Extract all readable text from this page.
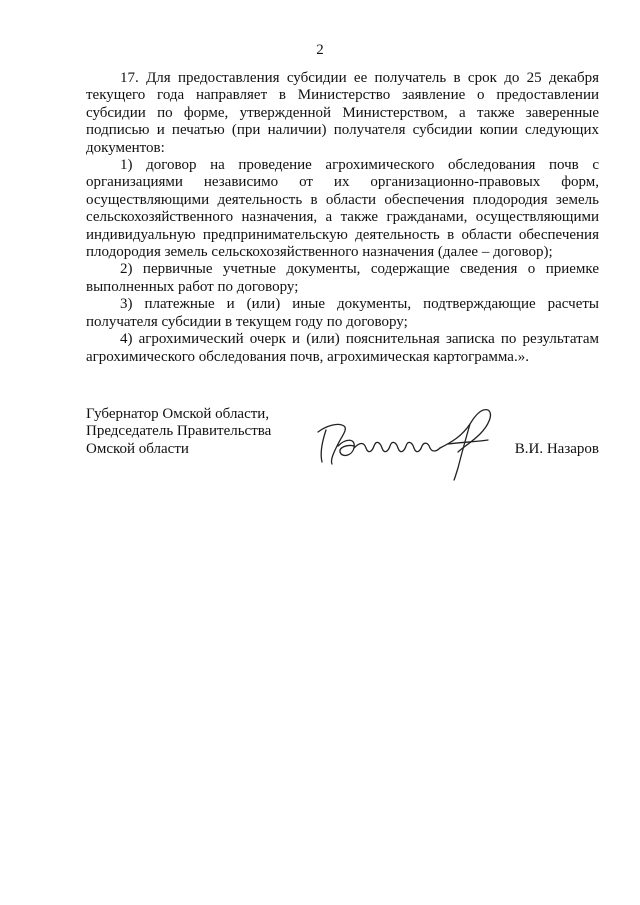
2

17. Для предоставления субсидии ее получатель в срок до 25 декабря текущего года направляет в Министерство заявление о предоставлении субсидии по форме, утвержденной Министерством, а также заверенные подписью и печатью (при наличии) получателя субсидии копии следующих документов:

1) договор на проведение агрохимического обследования почв с организациями независимо от их организационно-правовых форм, осуществляющими деятельность в области обеспечения плодородия земель сельскохозяйственного назначения, а также гражданами, осуществляющими индивидуальную предпринимательскую деятельность в области обеспечения плодородия земель сельскохозяйственного назначения (далее – договор);

2) первичные учетные документы, содержащие сведения о приемке выполненных работ по договору;

3) платежные и (или) иные документы, подтверждающие расчеты получателя субсидии в текущем году по договору;

4) агрохимический очерк и (или) пояснительная записка по результатам агрохимического обследования почв, агрохимическая картограмма.».

Губернатор Омской области,
Председатель Правительства
Омской области	В.И. Назаров
